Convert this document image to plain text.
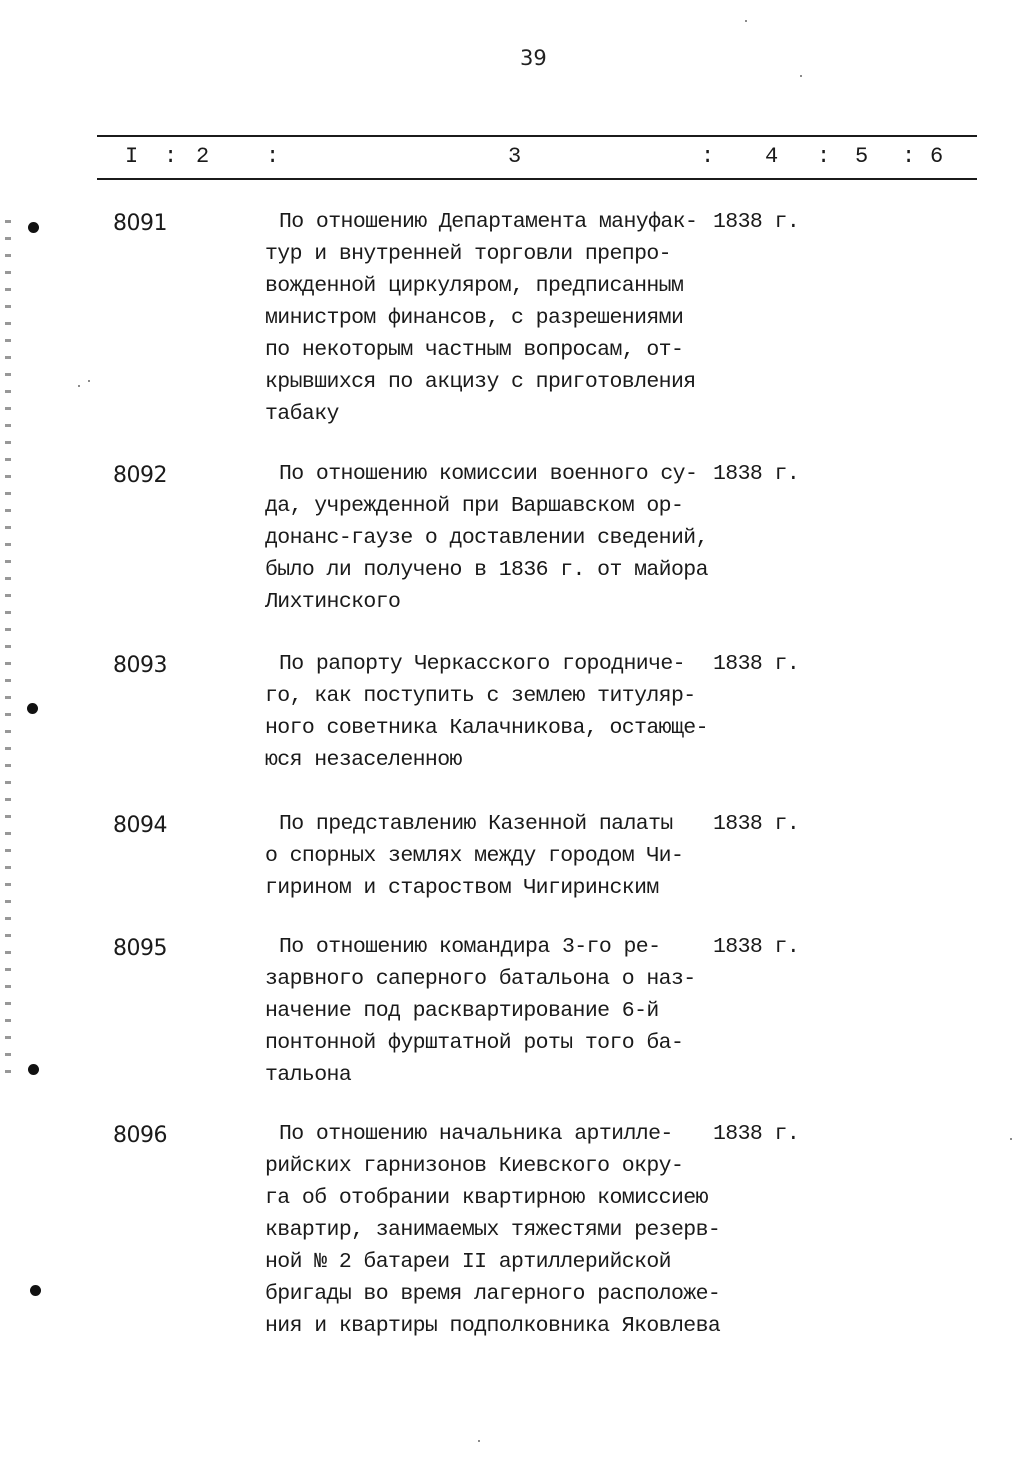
39
I : 2	:	3	: 4 : 5 : 6
8091	По отношению Департамента мануфак-
тур и внутренней торговли препро-
вожденной циркуляром, предписанным
министром финансов, с разрешениями
по некоторым частным вопросам, от-
крывшихся по акцизу с приготовления
табаку
1838 г.
8092	По отношению комиссии военного су-
да, учрежденной при Варшавском ор-
донанс-гаузе о доставлении сведений,
было ли получено в 1836 г. от майора
Лихтинского
1838 г.
8093	По рапорту Черкасского городниче-
го, как поступить с землею титуляр-
ного советника Калачникова, остающе-
юся незаселенною
1838 г.
8094	По представлению Казенной палаты
о спорных землях между городом Чи-
гирином и староством Чигиринским
1838 г.
8095	По отношению командира 3-го ре-
зарвного саперного батальона о наз-
начение под расквартирование 6-й
понтонной фурштатной роты того ба-
тальона
1838 г.
8096	По отношению начальника артилле-
рийских гарнизонов Киевского окру-
га об отобрании квартирною комиссиею
квартир, занимаемых тяжестями резерв-
ной № 2 батареи II артиллерийской
бригады во время лагерного расположе-
ния и квартиры подполковника Яковлева
1838 г.
